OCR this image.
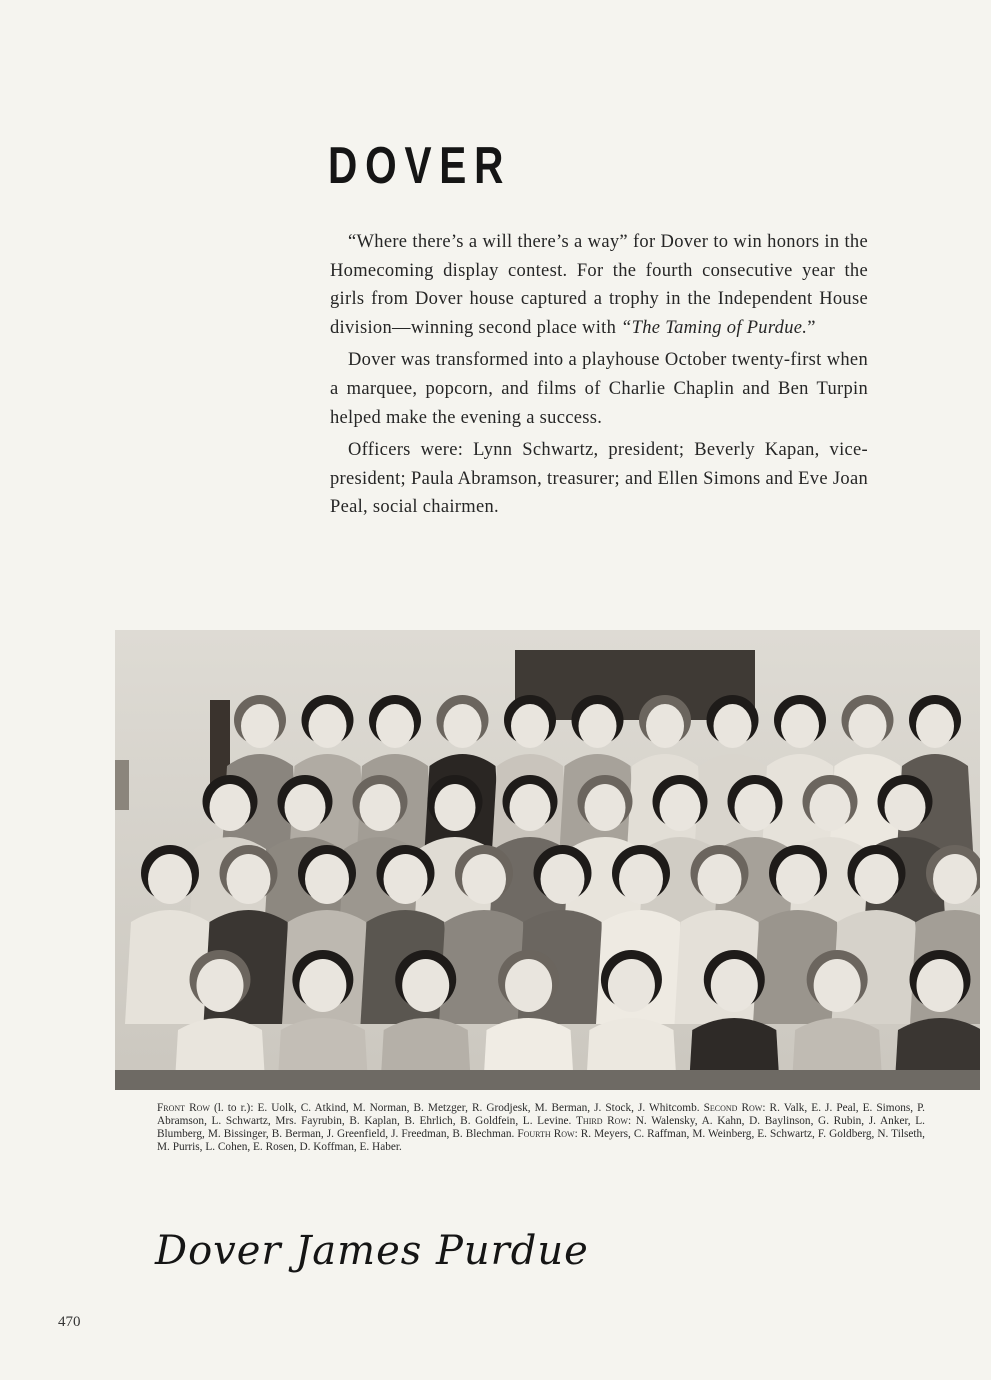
DOVER

“Where there’s a will there’s a way” for Dover to win honors in the Homecoming display contest. For the fourth consecutive year the girls from Dover house captured a trophy in the Independent House division—winning second place with “The Taming of Purdue.”

Dover was transformed into a playhouse October twenty-first when a marquee, popcorn, and films of Charlie Chaplin and Ben Turpin helped make the evening a success.

Officers were: Lynn Schwartz, president; Beverly Kapan, vice-president; Paula Abramson, treasurer; and Ellen Simons and Eve Joan Peal, social chairmen.

Front Row (l. to r.): E. Uolk, C. Atkind, M. Norman, B. Metzger, R. Grodjesk, M. Berman, J. Stock, J. Whitcomb. Second Row: R. Valk, E. J. Peal, E. Simons, P. Abramson, L. Schwartz, Mrs. Fayrubin, B. Kaplan, B. Ehrlich, B. Goldfein, L. Levine. Third Row: N. Walensky, A. Kahn, D. Baylinson, G. Rubin, J. Anker, L. Blumberg, M. Bissinger, B. Berman, J. Greenfield, J. Freedman, B. Blechman. Fourth Row: R. Meyers, C. Raffman, M. Weinberg, E. Schwartz, F. Goldberg, N. Tilseth, M. Purris, L. Cohen, E. Rosen, D. Koffman, E. Haber.
Dover James Purdue
470
